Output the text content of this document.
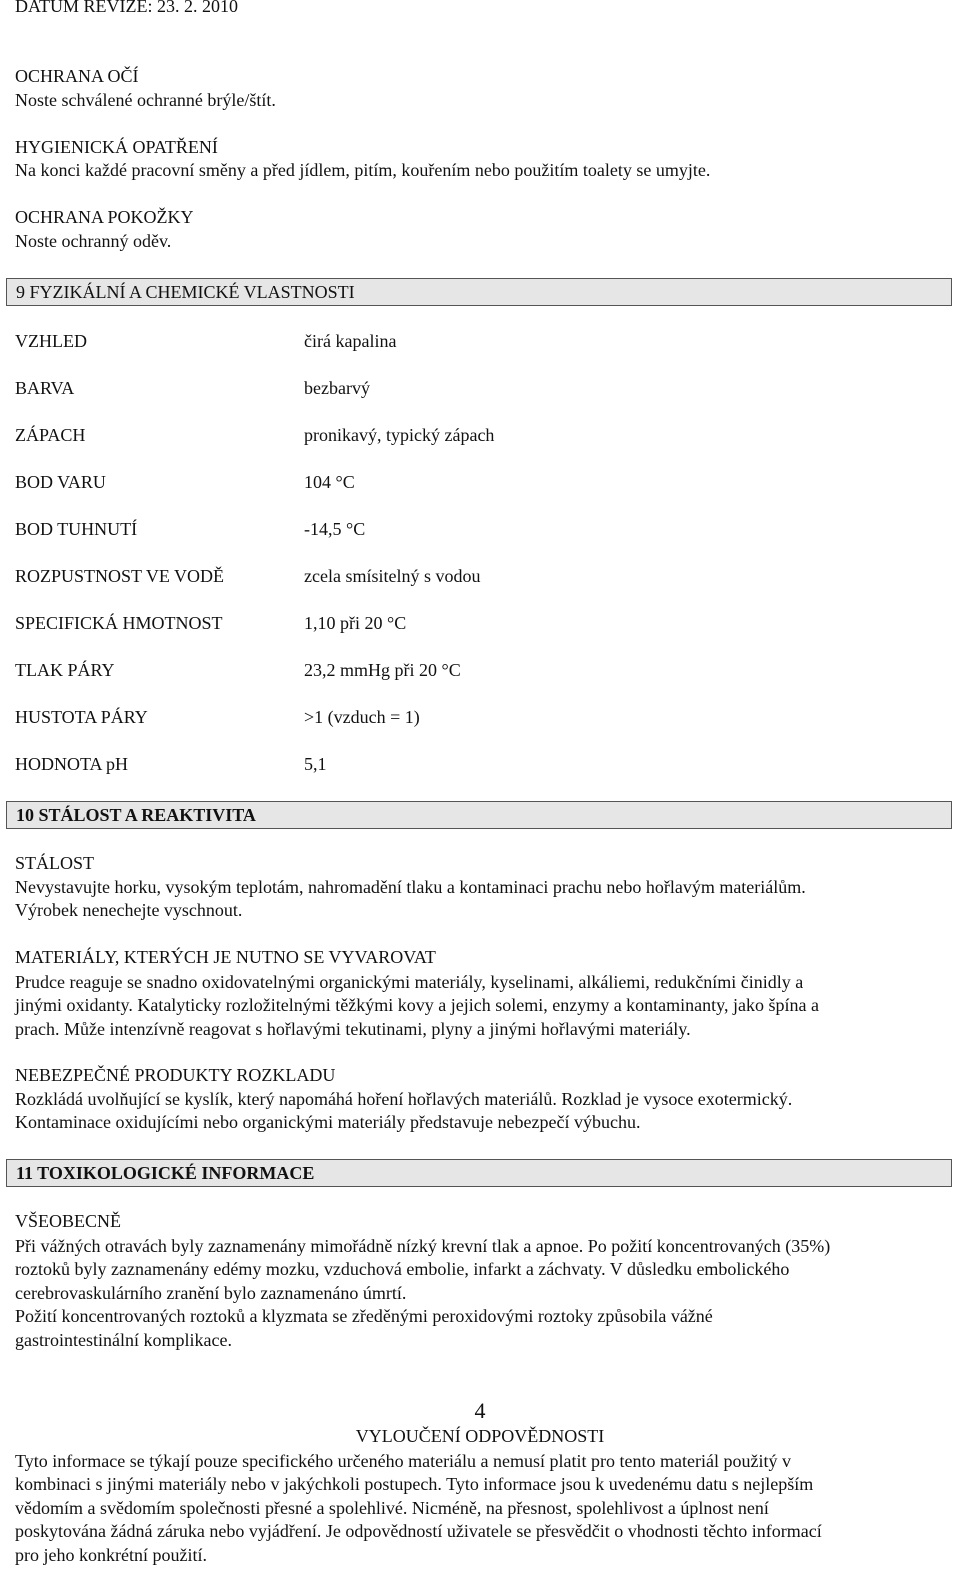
DATUM REVIZE: 23. 2. 2010
OCHRANA OČÍ
Noste schválené ochranné brýle/štít.
HYGIENICKÁ OPATŘENÍ
Na konci každé pracovní směny a před jídlem, pitím, kouřením nebo použitím toalety se umyjte.
OCHRANA POKOŽKY
Noste ochranný oděv.
9 FYZIKÁLNÍ A CHEMICKÉ VLASTNOSTI
VZHLED	čirá kapalina
BARVA	bezbarvý
ZÁPACH	pronikavý, typický zápach
BOD VARU	104 °C
BOD TUHNUTÍ	-14,5 °C
ROZPUSTNOST VE VODĚ	zcela smísitelný s vodou
SPECIFICKÁ HMOTNOST	1,10 při 20 °C
TLAK PÁRY	23,2 mmHg při 20 °C
HUSTOTA PÁRY	>1 (vzduch = 1)
HODNOTA pH	5,1
10 STÁLOST A REAKTIVITA
STÁLOST
Nevystavujte horku, vysokým teplotám, nahromadění tlaku a kontaminaci prachu nebo hořlavým materiálům.
Výrobek nenechejte vyschnout.
MATERIÁLY, KTERÝCH JE NUTNO SE VYVAROVAT
Prudce reaguje se snadno oxidovatelnými organickými materiály, kyselinami, alkáliemi, redukčními činidly a
jinými oxidanty. Katalyticky rozložitelnými těžkými kovy a jejich solemi, enzymy a kontaminanty, jako špína a
prach. Může intenzívně reagovat s hořlavými tekutinami, plyny a jinými hořlavými materiály.
NEBEZPEČNÉ PRODUKTY ROZKLADU
Rozkládá uvolňující se kyslík, který napomáhá hoření hořlavých materiálů. Rozklad je vysoce exotermický.
Kontaminace oxidujícími nebo organickými materiály představuje nebezpečí výbuchu.
11 TOXIKOLOGICKÉ INFORMACE
VŠEOBECNĚ
Při vážných otravách byly zaznamenány mimořádně nízký krevní tlak a apnoe. Po požití koncentrovaných (35%)
roztoků byly zaznamenány edémy mozku, vzduchová embolie, infarkt a záchvaty. V důsledku embolického
cerebrovaskulárního zranění bylo zaznamenáno úmrtí.
Požití koncentrovaných roztoků a klyzmata se zředěnými peroxidovými roztoky způsobila vážné
gastrointestinální komplikace.
4
VYLOUČENÍ ODPOVĚDNOSTI
Tyto informace se týkají pouze specifického určeného materiálu a nemusí platit pro tento materiál použitý v
kombinaci s jinými materiály nebo v jakýchkoli postupech. Tyto informace jsou k uvedenému datu s nejlepším
vědomím a svědomím společnosti přesné a spolehlivé. Nicméně, na přesnost, spolehlivost a úplnost není
poskytována žádná záruka nebo vyjádření. Je odpovědností uživatele se přesvědčit o vhodnosti těchto informací
pro jeho konkrétní použití.
